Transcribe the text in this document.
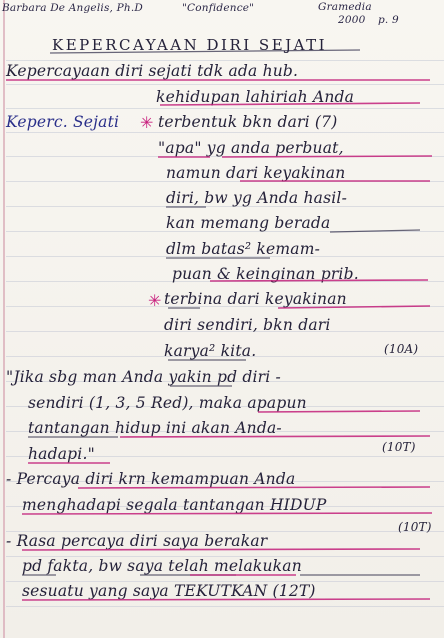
Barbara De Angelis, Ph.D	"Confidence"	Gramedia
2000 p. 9
KEPERCAYAAN DIRI SEJATI
Kepercayaan diri sejati tdk ada hub.
kehidupan lahiriah Anda
Keperc. Sejati ✳ terbentuk bkn dari (7)
"apa" yg anda perbuat,
namun dari keyakinan
diri, bw yg Anda hasil-
kan memang berada
dlm batas² kemam-
puan & keinginan prib.
✳ terbina dari keyakinan
diri sendiri, bkn dari
karya² kita.	(10A)
"Jika sbg man Anda yakin pd diri -
sendiri (1, 3, 5 Red), maka apapun
tantangan hidup ini akan Anda-
hadapi."	(10T)
- Percaya diri krn kemampuan Anda
menghadapi segala tantangan HIDUP
(10T)
- Rasa percaya diri saya berakar
pd fakta, bw saya telah melakukan
sesuatu yang saya TEKUTKAN (12T)
